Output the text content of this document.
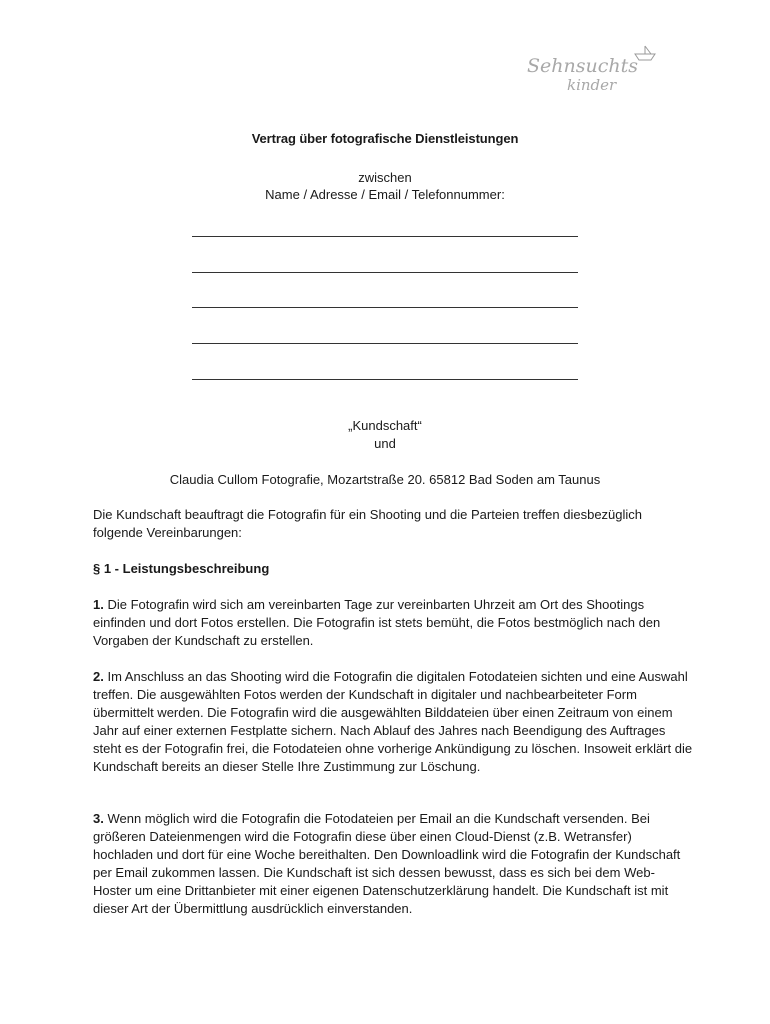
Sehnsuchts
kinder
Vertrag über fotografische Dienstleistungen
zwischen
Name / Adresse / Email / Telefonnummer:
„Kundschaft“
und
Claudia Cullom Fotografie, Mozartstraße 20. 65812 Bad Soden am Taunus

Die Kundschaft beauftragt die Fotografin für ein Shooting und die Parteien treffen diesbezüglich folgende Vereinbarungen:

§ 1 - Leistungsbeschreibung

1. Die Fotografin wird sich am vereinbarten Tage zur vereinbarten Uhrzeit am Ort des Shootings einfinden und dort Fotos erstellen. Die Fotografin ist stets bemüht, die Fotos bestmöglich nach den Vorgaben der Kundschaft zu erstellen.

2. Im Anschluss an das Shooting wird die Fotografin die digitalen Fotodateien sichten und eine Auswahl treffen. Die ausgewählten Fotos werden der Kundschaft in digitaler und nachbearbeiteter Form übermittelt werden. Die Fotografin wird die ausgewählten Bilddateien über einen Zeitraum von einem Jahr auf einer externen Festplatte sichern. Nach Ablauf des Jahres nach Beendigung des Auftrages steht es der Fotografin frei, die Fotodateien ohne vorherige Ankündigung zu löschen. Insoweit erklärt die Kundschaft bereits an dieser Stelle Ihre Zustimmung zur Löschung.

3. Wenn möglich wird die Fotografin die Fotodateien per Email an die Kundschaft versenden. Bei größeren Dateienmengen wird die Fotografin diese über einen Cloud-Dienst (z.B. Wetransfer) hochladen und dort für eine Woche bereithalten. Den Downloadlink wird die Fotografin der Kundschaft per Email zukommen lassen. Die Kundschaft ist sich dessen bewusst, dass es sich bei dem Web-Hoster um eine Drittanbieter mit einer eigenen Datenschutzerklärung handelt. Die Kundschaft ist mit dieser Art der Übermittlung ausdrücklich einverstanden.
